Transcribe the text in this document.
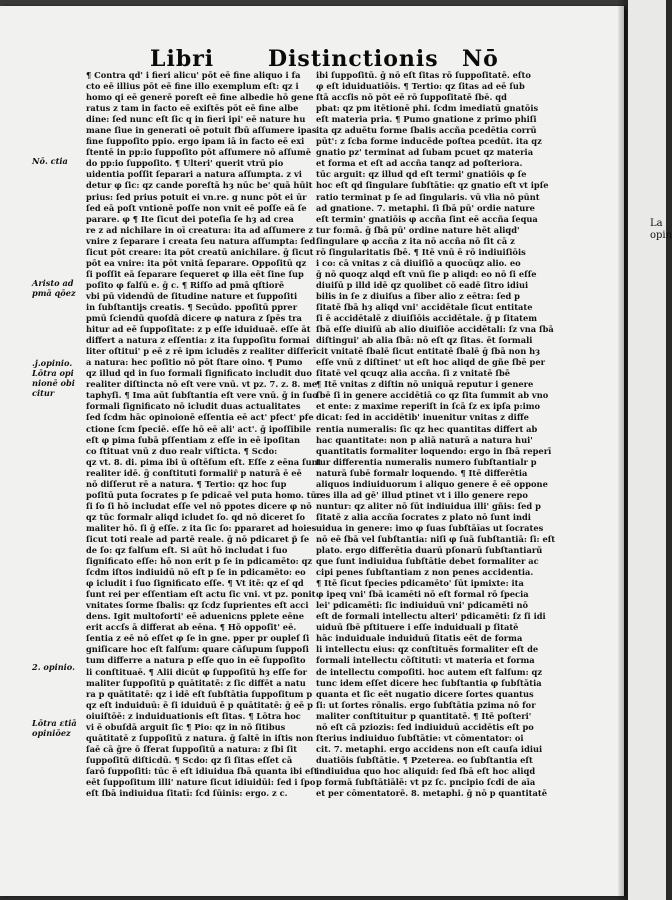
Libri Distinctionis Nō
Nō. ctia
Aristo ad
pmā ɋōez
.j.opinio.
Lōtra opi
nionē obi
citur
2. opinio.
Lōtra ɛtiā
opiniōez
¶ Contra qd' i fieri alicu' pōt eē fine aliquo i fa
cto eē illius pōt eē fine illo exemplum eſt: qz i
homo qi eē generē poreſt eē fine albedie hō gene
ratus z tam in facto eē exiſtēs pōt eē fine albe
dine: ſed nunc eſt ſic q in fieri ipi' eē nature hu
mane ſiue in generati oē potuit fbū aſſumere ipas
fine ſuppoſito ppio. ergo ipam iā in facto eē exi
ſtentē in pp:io ſuppoſito pōt aſſumere nō aſſumē
do pp:io ſuppoſito. ¶ Ulteri' querit vtrū pio
uidentia poſſit ſeparari a natura aſſumpta. z vi
detur φ ſic: qz cande poreſtā hȝ nūc be' quā hūit
prius: ſed prius potuit ei vn.re. g nunc pōt ei ūr
ſed eā poſt vntionē poſſe non vnit eē poſſe eā ſe
parare. φ ¶ Ite ſicut dei poteſia ſe hȝ ad crea
re z ad nichilare in oī creatura: ita ad aſſumere z
vnire z ſeparare i creata ſeu natura aſſumpta: ſed
ſicut pōt creare: ita pōt creatū anichilare. ḡ ſicut
pōt ea vnire: ita pōt vnitā ſeparare. Oppoſitū qz
ſi poſſit eā ſeparare ſequeret φ illa eēt ſine ſup
poſito φ falſū e. ḡ c. ¶ Riſſo ad pmā qſtiorē
vbi pū videndū de ſitudine nature et ſuppoſiti
in ſubſtantijs creatis. ¶ Secūdo. ppoſitū pprer
pmū ſciendū quoſdā dicere φ natura z ſpēs tra
hitur ad eē ſuppoſitate: z p eſſe iduiduaē. eſſe āt
differt a natura z eſſentia: z ita ſuppoſitu formai
liter oſtitui' p eē z rē ipm icludēs z realiter diſferī
a natura: hec poſitio nō pōt ſtare oino. ¶ Pumo
qz illud qd in ſuo formali ſignificato includit duo
realiter diſtincta nō eſt vere vnū. vt pz. 7. z. 8. me
taphyſi. ¶ Ima aūt ſubſtantia eſt vere vnū. ḡ in ſuo
formali ſignificato nō icludit duas actualitates
ſed ſcdm hāc opinoionē eſſentia eē act' pfect' pfe
ctione ſcm ſpeciē. eſſe hō eē ali' act'. ḡ ipoſſibile
eſt φ pima ſubā pſſentiam z eſſe in eē ipoſitan
co ſtituat vnū z duo realr viſticta. ¶ Scdo:
qz vt. 8. di. pima ibi ū oſtēſum eſt. Eſſe z eēna ſunt
realiter idē. ḡ conſtituti formaliȓ p naturā ē eē
nō diſſerut rē a natura. ¶ Tertio: qz hoc ſup
poſitū puta ſocrates p ſe pdicaē vel puta homo. tūc
ſi ſo ſi hō includat eſſe vel nō ppotes dicere φ nō
qz tūc formalr aliqd icludet ſo. qd nō diceret ſo
maliter hō. ſi ḡ eſſe. z ita ſic ſo: ppararet ad hoies
ſicut toti reale ad partē reale. ḡ nō pdicaret p̄ ſe
de ſo: qz falſum eſt. Si aūt hō includat i ſuo
ſignificato eſſe: hō non erit p ſe in pdicamēto: qz
ſcdm iſtos indiuidū nō eſt p ſe in pdicamēto: eo
φ icludit i ſuo ſignificato eſſe. ¶ Vt itē: qz eſ qd
ſunt rei per eſſentiam eſt actu ſic vni. vt pz. ponit
vnitates ſorme ſbalis: qz ſcdz ſuprientes eſt acci
dens. Igit multoforti' eē aduenicns pplete eēne
erit accſs ā differat ab eēna. ¶ Hō oppoſit' eē.
ſentia z eē nō eſſet φ ſe in gne. pper pr oupleſ ſi
gniſicare hoc eſt falſum: quare cāſupum ſuppoſi
tum differre a natura p eſſe quo in eē ſuppoſito
li conſtituaē. ¶ Alii dicūt φ ſuppoſitū hȝ eſſe for
maliter ſuppoſitū p quātitatē: z ſic diffēt a natu
ra p quātitatē: qz i idē eſt ſubſtātia ſuppoſitum p
qz eſt induiduū: ē ſi iduiduū ē p quātitatē: ḡ eē p
oiuiſtōē: z induiduationis eſt ſitas. ¶ Lōtra hoc
vi ē obuſdā arguit ſic ¶ Pio: qz in nō ſitibus
quātitatē z ſuppoſitū z natura. ḡ ſaltē in iſtis non
ſaē cā ḡre ō ſferat ſuppoſitū a natura: z ſbi ſit
ſuppoſitū diſticdū. ¶ Scdo: qz ſi ſitas eſſet cā
ſarō ſuppoſiti: tūc ē eſt idiuidua ſbā quanta ibi eſt
eēt ſuppoſitum illi' nature ſicut idiuidūi: ſed i ſpo
eſt ſbā indiuidua ſitatī: ſcd ſūinis: ergo. z c.
ibi ſuppoſitū. ḡ nō eſt ſitas rō ſuppoſitatē. eſto
φ eſt iduiduatiōis. ¶ Tertio: qz ſitas ad eē ſub
ſtā accſis nō pōt eē rō ſuppoſitatē ſbē. qd
pbat: qz pm itētionē phi. ſcdm imediatū gnatōis
eſt materia pria. ¶ Pumo gnatione z primo phiſi
ita qz aduētu forme ſbalis accña pcedētia corrū
pūt': z ſcba forme inducēde poſtea pcedūt. ita qz
gnatio pz' terminat ad ſubam pcuet qz materia
et forma et eſt ad accña tanqz ad poſteriora.
tūc arguit: qz illud qd eſt termi' gnatiōis φ ſe
hoc eſt qd ſingulare ſubſtātie: qz gnatio eſt vt ipſe
ratio terminat p ſe ad ſingularis. vū vlia nō pūnt
ad gnatione. 7. metaphi. ſi ſbā pū' ordie nature
eſt termin' gnatiōis φ accña ſint eē accña ſequa
tur fo:mā. ḡ ſbā pū' ordine nature hēt aliqd'
ſingulare φ accña z ita nō accña nō ſit cā z
rō ſingularitatis ſbē. ¶ Itē vnū ē rō indiuiſiōis
i co: cā vnitas z cā diuiſiō a quocūqz alio. eo
ḡ nō quoqz alqd eſt vnū ſie p aliqd: eo nō ſi eſſe
diuiſū p illd idē qz quolibet cō eadē ſitro idiui
bilis in ſe z diuiſus a ſiber alio z eētra: ſed p
ſitatē ſbā hȝ aliqd vni' accidētale ſicut entitate
ſi ē accidētalē z diuiſiōis accidētale. ḡ p ſitatem
ſbā eſſe diuiſū ab alio diuiſiōe accidētali: ſz vna ſbā
diſtingui' ab alia ſbā: nō eſt qz ſitas. ēt ſormali
cit vnitatē ſbalē ſicut entitatē ſbalē ḡ ſbā non hȝ
eſſe vnū z diſtīnet' ut eſt hoc aliqd de gñe ſbē per
ſitatē vel qcuqz alia accña. ſi z vnitatē ſbē
¶ Itē vnitas z diſtin nō uniquā reputur i genere
ſbē ſi in genere accidētiā co qz ſita ſummit ab vno
et ente: z maxime reperiſt in ſcā ſz ex ipſa p:imo
dicat: ſed in accidētib' inuenitur vnitas z diffe
rentia numeralis: ſic qz hec quantitas differt ab
hac quantitate: non p aliā naturā a natura hui'
quantitatis formaliter loquendo: ergo in ſbā reperī
tur differentia numeralis numero ſubſtantialr p
naturā ſubē formalr loquendo. ¶ Itē differētia
aliquos indiuiduorum i aliquo genere ē eē oppone
res illa ad gē' illud ptinet vt i illo genere repo
nuntur: qz aliter nō ſūt indiuidua illi' gñis: ſed p
ſitatē z alia accña ſocrates z plato nō ſunt indi
uidua in genere: imo φ ſuas ſubſtāīas ut ſocrates
nō eē ſbā vel ſubſtantia: niſi φ ſuā ſubſtantiā: ſi: eſt
plato. ergo differētia duarū pſonarū ſubſtantiarū
que ſunt indiuidua ſubſtātie debet formaliter ac
cipi penes ſubſtantiam z non penes accidentia.
¶ Itē ſicut ſpecies pdicamēto' ſūt ipmixte: ita
φ ipeq vni' ſbā icamēti nō eſt formal rō ſpecia
lei' pdicamēti: ſic indiuiduū vni' pdicamēti nō
eſt de formali intellectu alteri' pdicamēti: ſz ſi idi
uiduū ſbē pſtituere i eſſe induiduali p ſitatē
hāc induiduale induiduū ſitatis eēt de forma
li intellectu eius: qz conſtituēs formaliter eſt de
formali intellectu cōſtituti: vt materia et forma
de intellectu compoſiti. hoc autem eſt falſum: qz
tunc idem eſſet dicere hec ſubſtantia φ ſubſtātia
quanta et ſic eēt nugatio dicere ſortes quantus
ſi: ut ſortes rōnalis. ergo ſubſtātia pzima nō for
maliter conſtituitur p quantitatē. ¶ Itē poſteri'
nō eſt cā pziozis: ſed indiuiduū accidētis eſt po
ſterius indiuiduo ſubſtātie: vt cōmentator: oi
cit. 7. metaphi. ergo accidens non eſt cauſa idiui
duatiōis ſubſtātie. ¶ Pzeterea. eo ſubſtantia eſt
indiuidua quo hoc aliquid: ſed ſbā eſt hoc aliqd
p formā ſubſtātiālē: vt pz ſc. pncipio ſcdi de aīa
et per cōmentatorē. 8. metaphi. ḡ nō p quantitatē
La
opin
